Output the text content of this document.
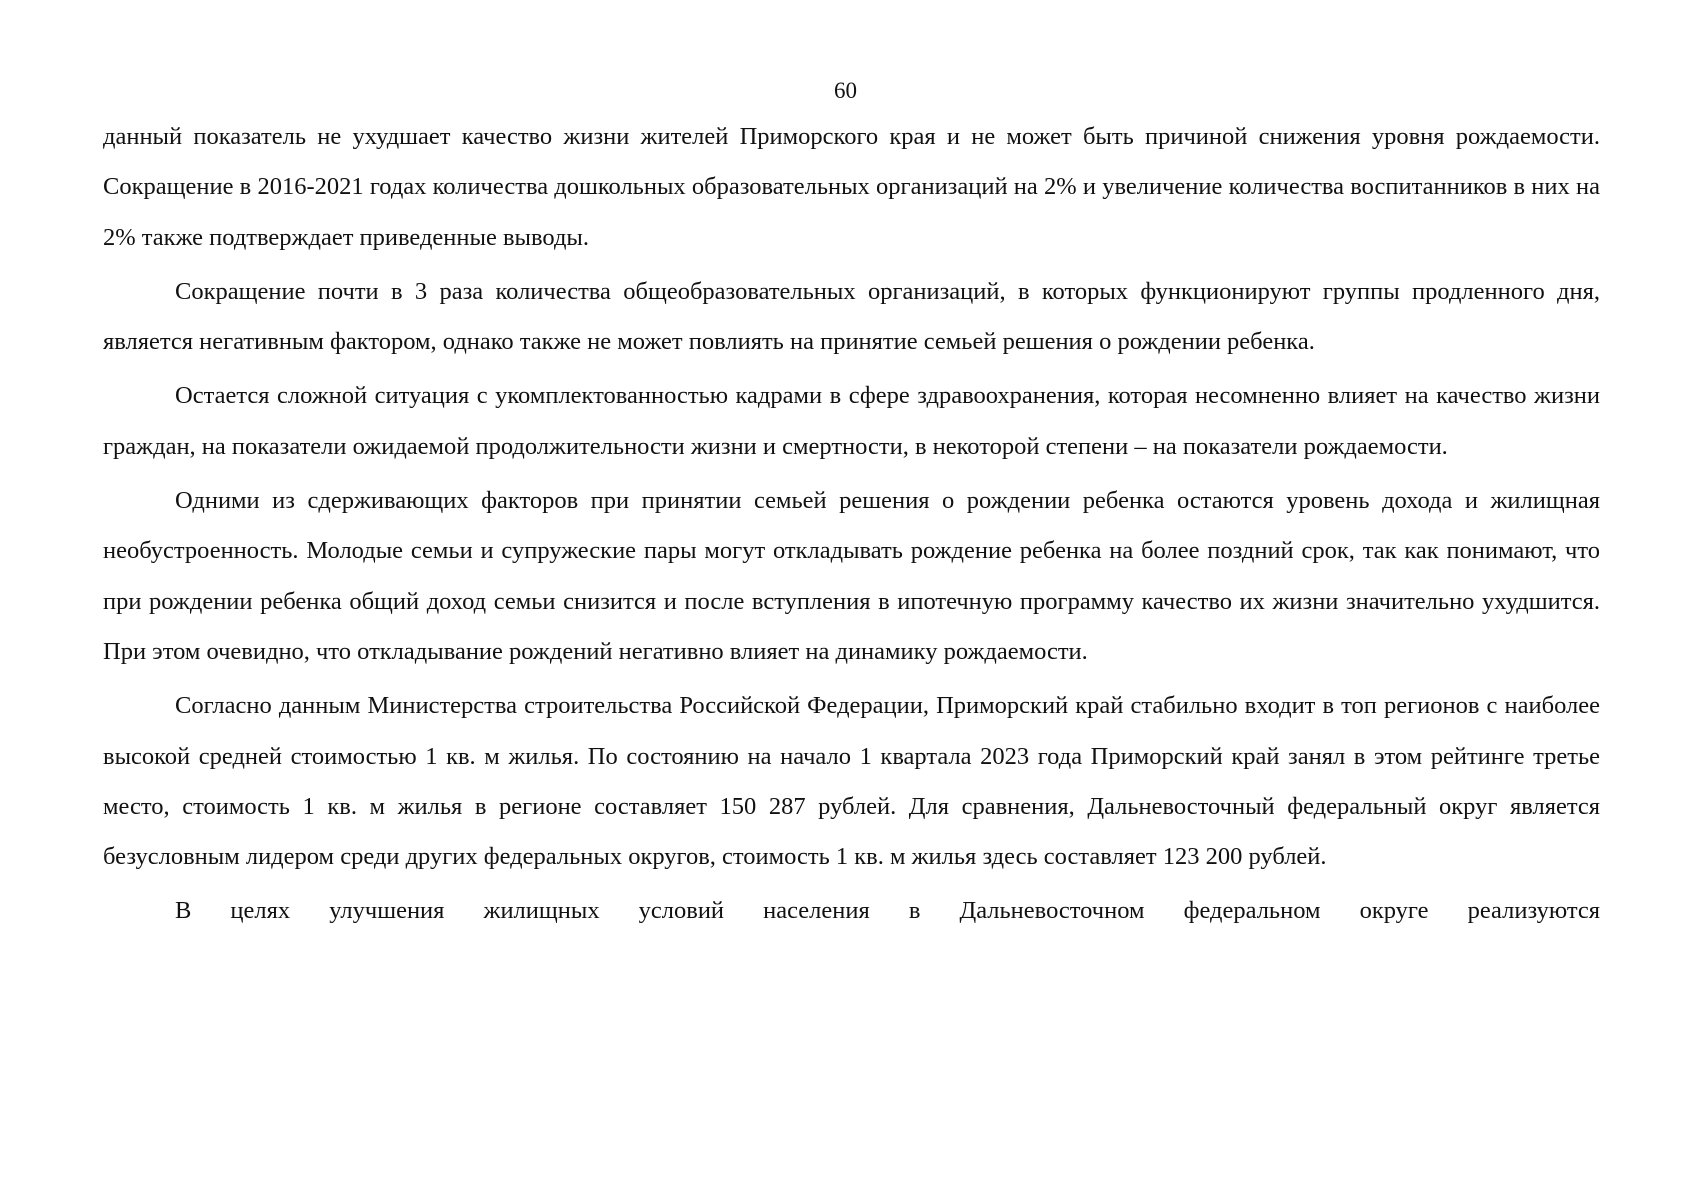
60

данный показатель не ухудшает качество жизни жителей Приморского края и не может быть причиной снижения уровня рождаемости. Сокращение в 2016-2021 годах количества дошкольных образовательных организаций на 2% и увеличение количества воспитанников в них на 2% также подтверждает приведенные выводы.

Сокращение почти в 3 раза количества общеобразовательных организаций, в которых функционируют группы продленного дня, является негативным фактором, однако также не может повлиять на принятие семьей решения о рождении ребенка.

Остается сложной ситуация с укомплектованностью кадрами в сфере здравоохранения, которая несомненно влияет на качество жизни граждан, на показатели ожидаемой продолжительности жизни и смертности, в некоторой степени – на показатели рождаемости.

Одними из сдерживающих факторов при принятии семьей решения о рождении ребенка остаются уровень дохода и жилищная необустроенность. Молодые семьи и супружеские пары могут откладывать рождение ребенка на более поздний срок, так как понимают, что при рождении ребенка общий доход семьи снизится и после вступления в ипотечную программу качество их жизни значительно ухудшится. При этом очевидно, что откладывание рождений негативно влияет на динамику рождаемости.

Согласно данным Министерства строительства Российской Федерации, Приморский край стабильно входит в топ регионов с наиболее высокой средней стоимостью 1 кв. м жилья. По состоянию на начало 1 квартала 2023 года Приморский край занял в этом рейтинге третье место, стоимость 1 кв. м жилья в регионе составляет 150 287 рублей. Для сравнения, Дальневосточный федеральный округ является безусловным лидером среди других федеральных округов, стоимость 1 кв. м жилья здесь составляет 123 200 рублей.

В целях улучшения жилищных условий населения в Дальневосточном федеральном округе реализуются
